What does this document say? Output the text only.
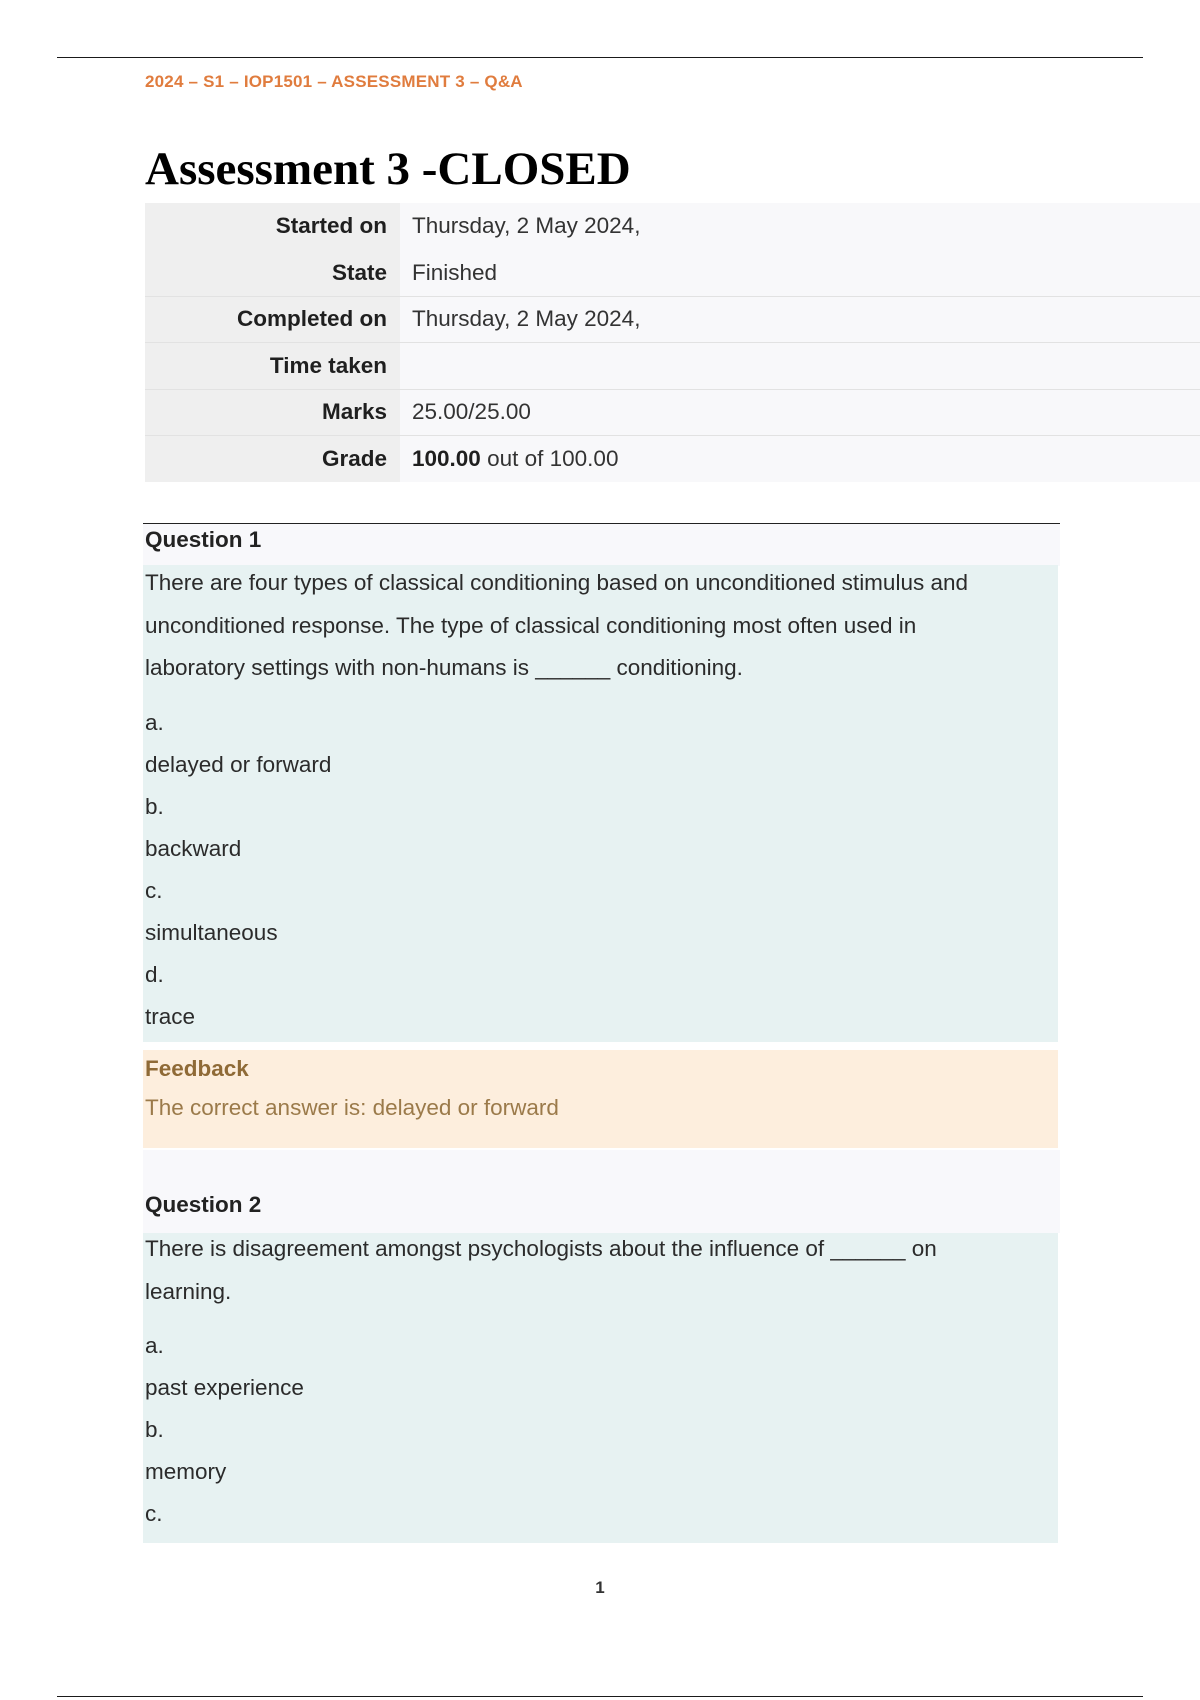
2024 – S1 – IOP1501 – ASSESSMENT 3 – Q&A
Assessment 3 -CLOSED
Started on	Thursday, 2 May 2024,
State	Finished
Completed on	Thursday, 2 May 2024,
Time taken	
Marks	25.00/25.00
Grade	100.00 out of 100.00
Question 1

There are four types of classical conditioning based on unconditioned stimulus and
unconditioned response. The type of classical conditioning most often used in
laboratory settings with non-humans is ______ conditioning.

a.
delayed or forward
b.
backward
c.
simultaneous
d.
trace
Feedback
The correct answer is: delayed or forward
Question 2

There is disagreement amongst psychologists about the influence of ______ on
learning.

a.
past experience
b.
memory
c.
1
